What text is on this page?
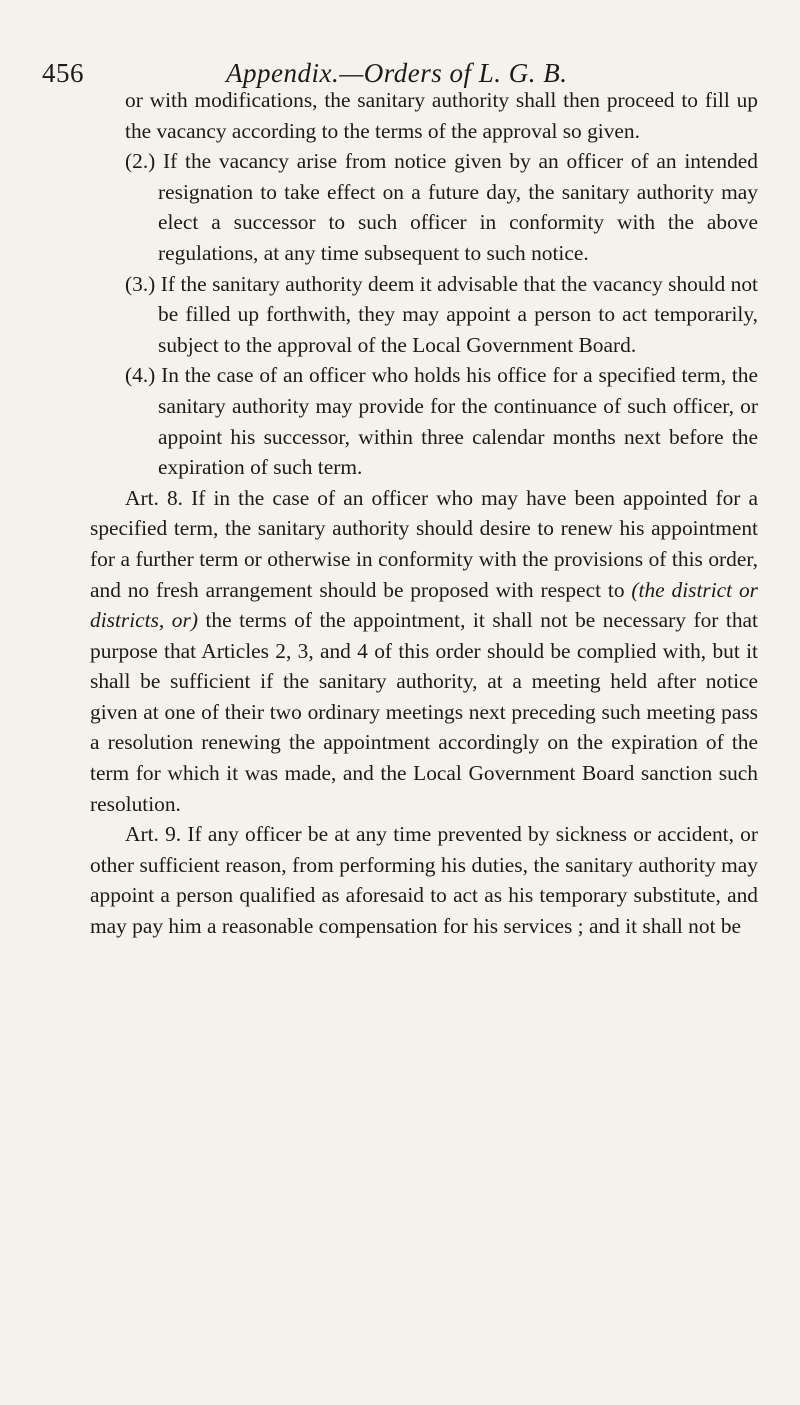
456	Appendix.—Orders of L. G. B.

or with modifications, the sanitary authority shall then proceed to fill up the vacancy according to the terms of the approval so given.

(2.) If the vacancy arise from notice given by an officer of an intended resignation to take effect on a future day, the sanitary authority may elect a successor to such officer in conformity with the above regulations, at any time subsequent to such notice.

(3.) If the sanitary authority deem it advisable that the vacancy should not be filled up forthwith, they may appoint a person to act temporarily, subject to the approval of the Local Government Board.

(4.) In the case of an officer who holds his office for a specified term, the sanitary authority may provide for the continuance of such officer, or appoint his successor, within three calendar months next before the expiration of such term.

Art. 8. If in the case of an officer who may have been appointed for a specified term, the sanitary authority should desire to renew his appointment for a further term or otherwise in conformity with the provisions of this order, and no fresh arrangement should be proposed with respect to (the district or districts, or) the terms of the appointment, it shall not be necessary for that purpose that Articles 2, 3, and 4 of this order should be complied with, but it shall be sufficient if the sanitary authority, at a meeting held after notice given at one of their two ordinary meetings next preceding such meeting pass a resolution renewing the appointment accordingly on the expiration of the term for which it was made, and the Local Government Board sanction such resolution.

Art. 9. If any officer be at any time prevented by sickness or accident, or other sufficient reason, from performing his duties, the sanitary authority may appoint a person qualified as aforesaid to act as his temporary substitute, and may pay him a reasonable compensation for his services ; and it shall not be
